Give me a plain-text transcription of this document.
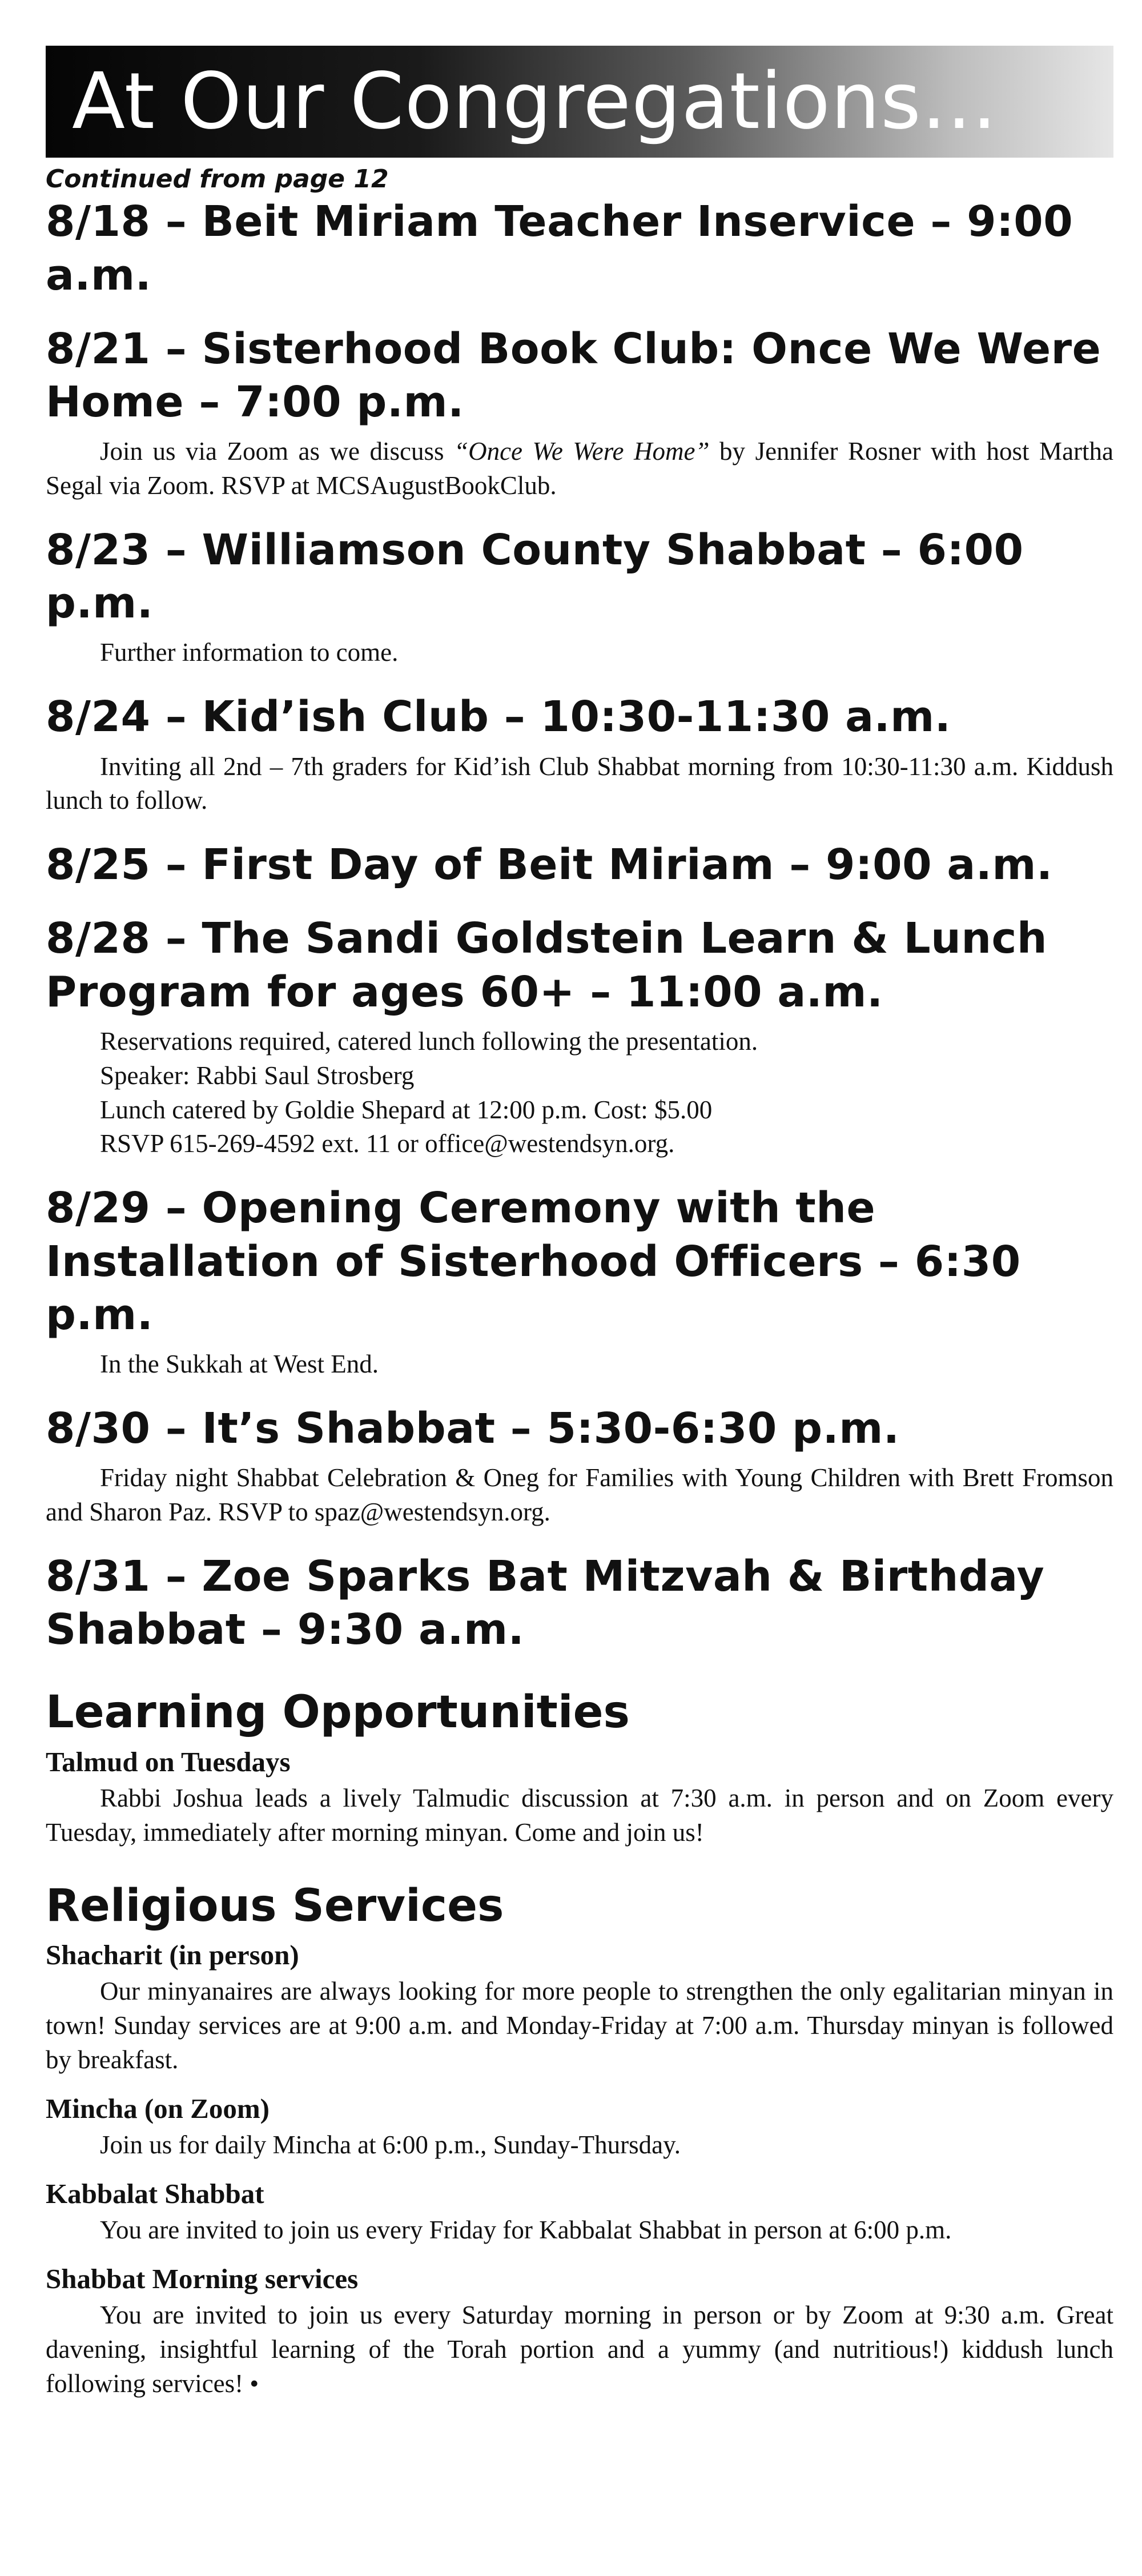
At Our Congregations...
Continued from page 12
8/18 – Beit Miriam Teacher Inservice – 9:00 a.m.
8/21 – Sisterhood Book Club: Once We Were Home – 7:00 p.m.

Join us via Zoom as we discuss “Once We Were Home” by Jennifer Rosner with host Martha Segal via Zoom. RSVP at MCSAugustBookClub.

8/23 – Williamson County Shabbat – 6:00 p.m.

Further information to come.

8/24 – Kid’ish Club – 10:30-11:30 a.m.

Inviting all 2nd – 7th graders for Kid’ish Club Shabbat morning from 10:30-11:30 a.m. Kiddush lunch to follow.

8/25 – First Day of Beit Miriam – 9:00 a.m.
8/28 – The Sandi Goldstein Learn & Lunch Program for ages 60+ – 11:00 a.m.
Reservations required, catered lunch following the presentation.
Speaker: Rabbi Saul Strosberg
Lunch catered by Goldie Shepard at 12:00 p.m. Cost: $5.00
RSVP 615-269-4592 ext. 11 or office@westendsyn.org.
8/29 – Opening Ceremony with the Installation of Sisterhood Officers – 6:30 p.m.

In the Sukkah at West End.

8/30 – It’s Shabbat – 5:30-6:30 p.m.

Friday night Shabbat Celebration & Oneg for Families with Young Children with Brett Fromson and Sharon Paz. RSVP to spaz@westendsyn.org.

8/31 – Zoe Sparks Bat Mitzvah & Birthday Shabbat – 9:30 a.m.
Learning Opportunities
Talmud on Tuesdays

Rabbi Joshua leads a lively Talmudic discussion at 7:30 a.m. in person and on Zoom every Tuesday, immediately after morning minyan. Come and join us!

Religious Services
Shacharit (in person)

Our minyanaires are always looking for more people to strengthen the only egalitarian minyan in town! Sunday services are at 9:00 a.m. and Monday-Friday at 7:00 a.m. Thursday minyan is followed by breakfast.

Mincha (on Zoom)

Join us for daily Mincha at 6:00 p.m., Sunday-Thursday.

Kabbalat Shabbat

You are invited to join us every Friday for Kabbalat Shabbat in person at 6:00 p.m.

Shabbat Morning services

You are invited to join us every Saturday morning in person or by Zoom at 9:30 a.m. Great davening, insightful learning of the Torah portion and a yummy (and nutritious!) kiddush lunch following services! •
